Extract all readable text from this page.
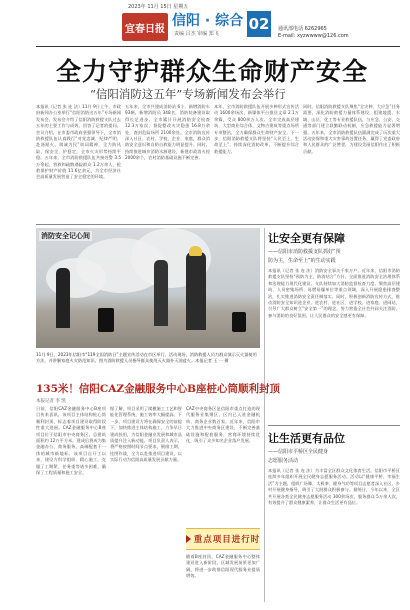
2023年 11月 15日 星期五
宜春日报 信阳 · 综合
责编 吕杰 审编 郑飞
02	通讯部电话 6262965
E-mail: xyzwwww@126.com
全力守护群众生命财产安全
“信阳消防这五年”专场新闻发布会举行
本报讯（记者 张 连 法）11月 9日上午，市政府新闻办公室举行“信阳消防这五年”专场新闻发布会。发布会介绍了信阳消防救援支队过去五年的主要工作与成效，回答了记者的提问。会议介绍，在市委市政府坚强领导下，全市消防救援队伍认真践行“对党忠诚、纪律严明、赴汤蹈火、竭诚为民”训词精神，全力防风险、保安全、护稳定，全市火灾形势持续平稳。五年来，全市消防救援队伍共接处警 3.5万余起，营救和疏散遇险群众 1.2万余人，抢救保护财产价值 11.6亿余元，为全市经济社会高质量发展营造了安全稳定的环境。
五年来，全市共建成消防站 6个，新增消防车 93辆，新增消防员 348名，消防装备建设取得长足进步。全市累计开展消防安全检查 12.3万家次，督促整改火灾隐患 16.8万余处，查封危险场所 2100余处。全市消防宣传深入社区、农村、学校、企业、家庭，群众消防安全意识和自防自救能力明显提升。同时，持续推进城乡消防水源建设，新建市政消火栓 2000余个，农村消防基础设施不断完善。
本年，全市消防救援队伍开展多种形式宣传活动 1600余场次，新媒体平台推送文章 2.1万余篇，受众 800余万人次。全市完成高层建筑、大型商业综合体、文物古建筑等重点场所专项整治，全力确保群众生命财产安全。下一步，信阳消防救援支队将坚持“人民至上、生命至上”，持续深化消防改革，不断提升综合救援能力。
同时，信阳消防救援支队聚焦“全灾种、大应急”任务需要，深化消防救援力量体系建设，组建地震、水域、山岳、化工等专业救援队伍，与应急、公安、交通等部门建立联勤联动机制，应急救援能力显著增强。五年来，全市消防救援队伍圆满完成了历次重大活动安保和重大灾害事故处置任务，赢得了党委政府和人民群众的广泛赞誉，为建设美丽信阳作出了积极贡献。
消防安全记心间
11月 9日，2023年信阳市“119全国消防日”主题宣传活动在市区举行。活动现场，消防救援人员为群众演示灭火器使用方法，并讲解家庭火灾防范知识。图为消防救援人员指导群众使用灭火器扑灭油盆火。本报记者 王 一 摄
让安全更有保障
——信阳市消防救援支队抓好“预
防为主，生命至上”的生动实践
本报讯（记者 张 连 法）消防安全事关千家万户。近年来，信阳市消防救援支队坚持“预防为主、防消结合”方针，全面推进消防安全治理体系和治理能力现代化建设。支队持续加大消防监督检查力度，聚焦高层建筑、人员密集场所、易燃易爆单位等重点领域，深入开展隐患排查整治，扎实推进消防安全责任制落实。同时，积极创新消防宣传方式，推动消防安全知识进企业、进农村、进社区、进学校、进家庭、进网站，引导广大群众树立“安全第一”的理念，努力营造全社会共同关注消防、参与消防的良好氛围，让人民群众的安全感更有保障。
让生活更有品位
——信阳市平桥区全民健身
志愿服务活动
本报讯（记者 张 连 法）为丰富全区群众文化体育生活，信阳市平桥区连续多年组织开展全民健身志愿服务活动。活动以“健康平桥、幸福生活”为主题，组织广场舞、太极拳、健身气功等项目志愿者深入社区、乡村开展健身指导，吸引了大批群众积极参与。据统计，今年以来，全区共开展各类全民健身志愿服务活动 300余场次，服务群众 5万余人次，有效提升了群众健康素养，让群众生活更有品位。
135米！信阳CAZ金融服务中心B座桩心筒顺利封顶
本报记者 李 凯
日前，信阳CAZ金融服务中心B座项目传来喜讯，该项目主体结构桩心筒顺利封顶，标志着项目建设取得阶段性重大进展。CAZ金融服务中心B座项目位于信阳市中央商务区，总建筑面积约 12万平方米，建成后将成为集金融办公、商务服务、高端配套于一体的城市新地标。该项目自开工以来，建设方科学组织、精心施工，克服了工期紧、任务重等诸多困难，确保了工程质量和施工安全。
据了解，项目采用了爬模施工工艺和智能化管理系统，施工效率大幅提高。下一步，项目建设方将在确保安全的前提下，加快推进主体结构施工，力争早日建成投用，为信阳金融业发展和城市品质提升注入新动能。项目负责人表示，将严格按照时间节点要求，倒排工期、挂图作战，全力以赴推进项目建设，以实际行动为信阳高质量发展贡献力量。
CAZ中央商务区是信阳市重点打造的现代服务业集聚区，区内已入驻金融机构、商务企业数百家。近年来，信阳市大力推进中央商务区建设，不断完善基础设施和配套服务，营商环境持续优化，吸引了众多知名企业落户发展。
重点项目进行时
随着B座封顶，CAZ金融服务中心整体建设进入新阶段，区域发展前景更加广阔，将进一步助推信阳现代服务业提质增效。
